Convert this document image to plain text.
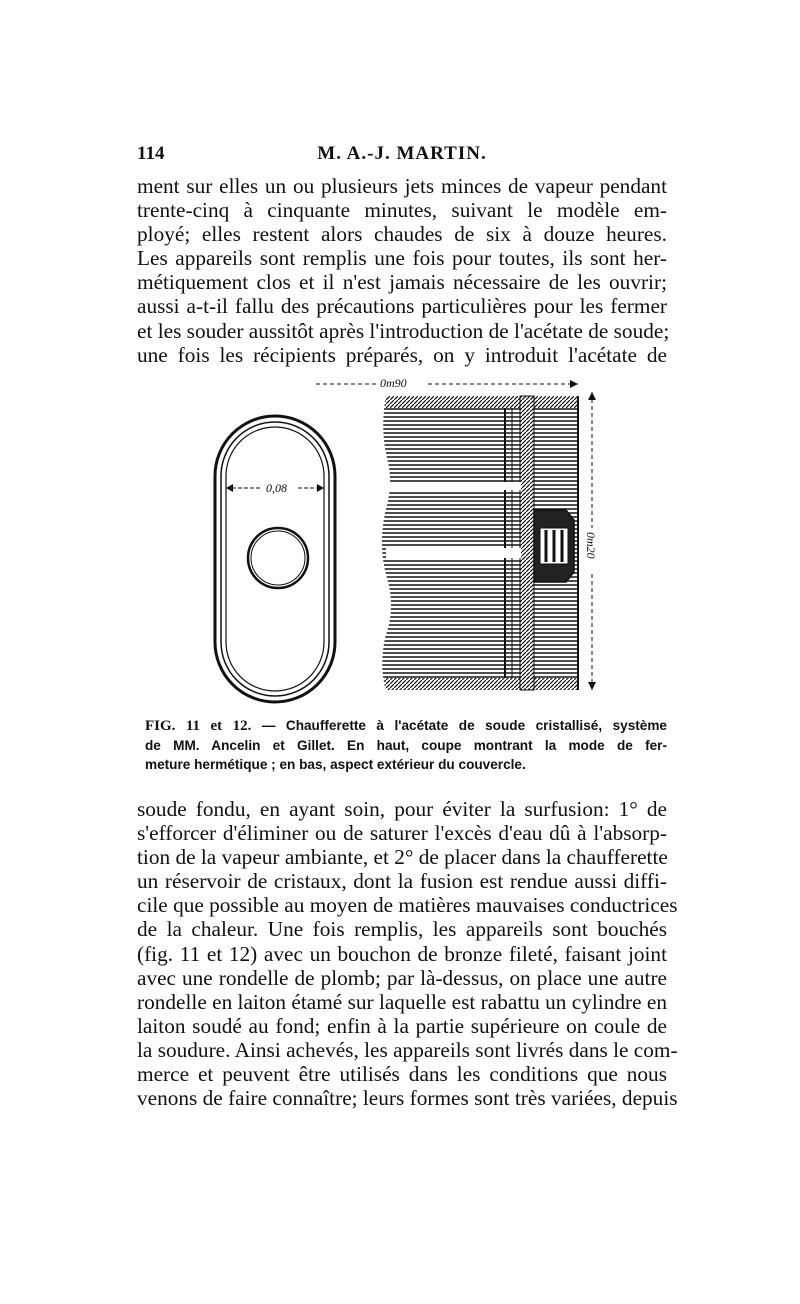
114	M. A.-J. MARTIN.

ment sur elles un ou plusieurs jets minces de vapeur pendant
trente-cinq à cinquante minutes, suivant le modèle em-
ployé; elles restent alors chaudes de six à douze heures.
Les appareils sont remplis une fois pour toutes, ils sont her-
métiquement clos et il n'est jamais nécessaire de les ouvrir;
aussi a-t-il fallu des précautions particulières pour les fermer
et les souder aussitôt après l'introduction de l'acétate de soude;
une fois les récipients préparés, on y introduit l'acétate de

0,08
0m90
0m20

FIG. 11 et 12. — Chaufferette à l'acétate de soude cristallisé, système
de MM. Ancelin et Gillet. En haut, coupe montrant la mode de fer-
meture hermétique ; en bas, aspect extérieur du couvercle.

soude fondu, en ayant soin, pour éviter la surfusion: 1° de
s'efforcer d'éliminer ou de saturer l'excès d'eau dû à l'absorp-
tion de la vapeur ambiante, et 2° de placer dans la chaufferette
un réservoir de cristaux, dont la fusion est rendue aussi diffi-
cile que possible au moyen de matières mauvaises conductrices
de la chaleur. Une fois remplis, les appareils sont bouchés
(fig. 11 et 12) avec un bouchon de bronze fileté, faisant joint
avec une rondelle de plomb; par là-dessus, on place une autre
rondelle en laiton étamé sur laquelle est rabattu un cylindre en
laiton soudé au fond; enfin à la partie supérieure on coule de
la soudure. Ainsi achevés, les appareils sont livrés dans le com-
merce et peuvent être utilisés dans les conditions que nous
venons de faire connaître; leurs formes sont très variées, depuis
